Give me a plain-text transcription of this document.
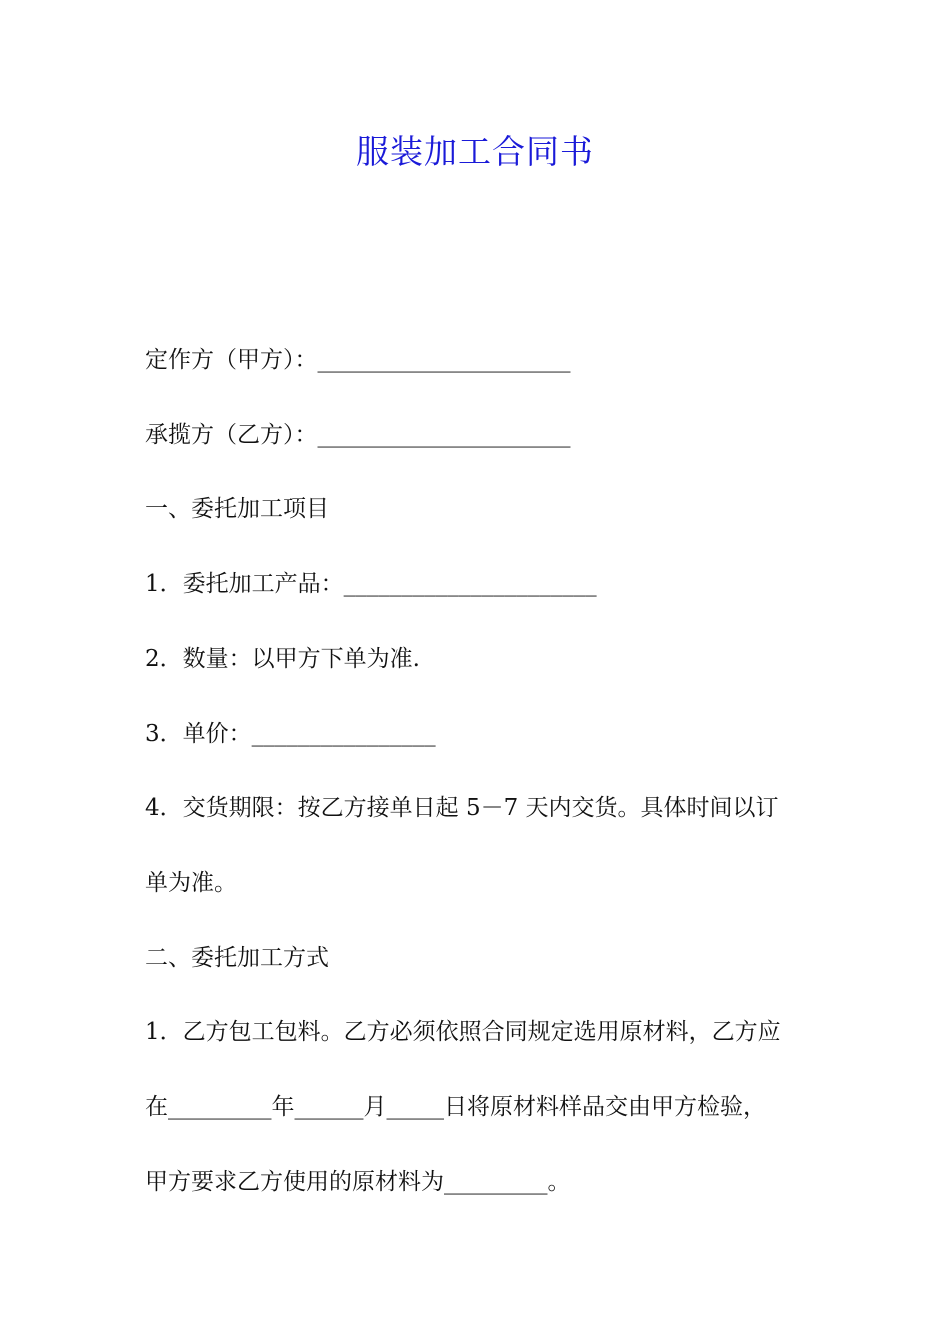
服装加工合同书
定作方（甲方）：______________________
承揽方（乙方）：______________________
一、委托加工项目
1．委托加工产品：______________________
2．数量：以甲方下单为准.
3．单价：________________
4．交货期限：按乙方接单日起 5－7 天内交货。具体时间以订
单为准。
二、委托加工方式
1．乙方包工包料。乙方必须依照合同规定选用原材料，乙方应
在_________年______月_____日将原材料样品交由甲方检验，
甲方要求乙方使用的原材料为_________。
